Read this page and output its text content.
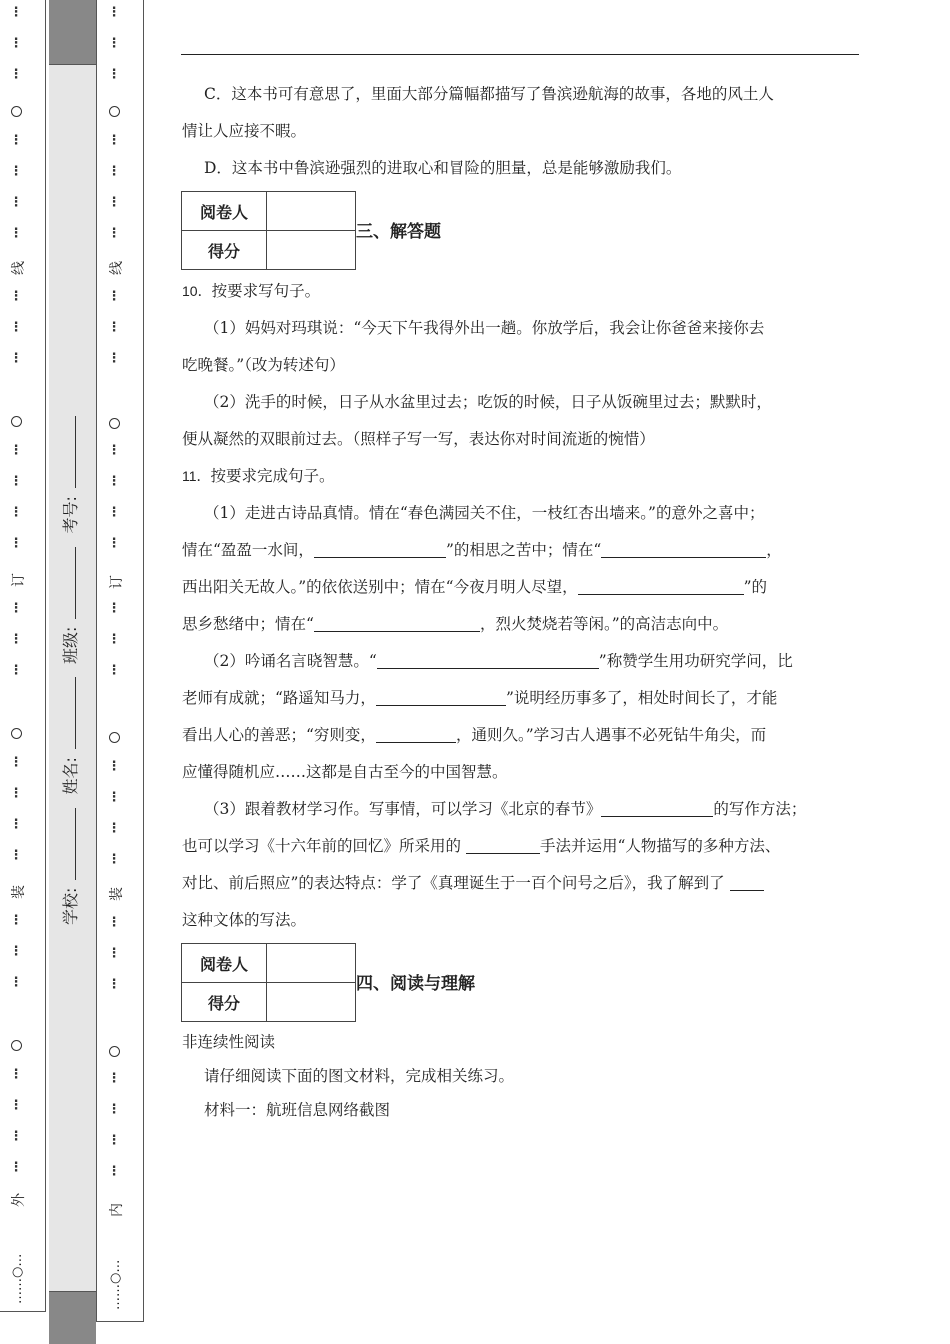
⋮
⋮
⋮
⋮
⋮
⋮
⋮
线
⋮
⋮
⋮
⋮
⋮
⋮
⋮
订
⋮
⋮
⋮
⋮
⋮
⋮
⋮
装
⋮
⋮
⋮
⋮
⋮
⋮
⋮
外
……○…
⋮
⋮
⋮
⋮
⋮
⋮
⋮
线
⋮
⋮
⋮
⋮
⋮
⋮
⋮
订
⋮
⋮
⋮
⋮
⋮
⋮
⋮
装
⋮
⋮
⋮
⋮
⋮
⋮
⋮
内
……○…
学校: 姓名: 班级: 考号:
C．这本书可有意思了，里面大部分篇幅都描写了鲁滨逊航海的故事，各地的风土人
情让人应接不暇。
D．这本书中鲁滨逊强烈的进取心和冒险的胆量，总是能够激励我们。
阅卷人	
得分	
三、解答题
10．按要求写句子。
（1）妈妈对玛琪说：“今天下午我得外出一趟。你放学后，我会让你爸爸来接你去
吃晚餐。”（改为转述句）
（2）洗手的时候，日子从水盆里过去；吃饭的时候，日子从饭碗里过去；默默时，
便从凝然的双眼前过去。（照样子写一写，表达你对时间流逝的惋惜）
11．按要求完成句子。
（1）走进古诗品真情。情在“春色满园关不住，一枝红杏出墙来。”的意外之喜中；
情在“盈盈一水间，	”的相思之苦中；情在“	，
西出阳关无故人。”的依依送别中；情在“今夜月明人尽望，	”的
思乡愁绪中；情在“	，烈火焚烧若等闲。”的高洁志向中。
（2）吟诵名言晓智慧。“	”称赞学生用功研究学问，比
老师有成就；“路遥知马力，	”说明经历事多了，相处时间长了，才能
看出人心的善恶；“穷则变，	，通则久。”学习古人遇事不必死钻牛角尖，而
应懂得随机应……这都是自古至今的中国智慧。
（3）跟着教材学习作。写事情，可以学习《北京的春节》	的写作方法；
也可以学习《十六年前的回忆》所采用的	手法并运用“人物描写的多种方法、
对比、前后照应”的表达特点：学了《真理诞生于一百个问号之后》，我了解到了
这种文体的写法。
阅卷人	
得分	
四、阅读与理解
非连续性阅读
请仔细阅读下面的图文材料，完成相关练习。
材料一：航班信息网络截图
